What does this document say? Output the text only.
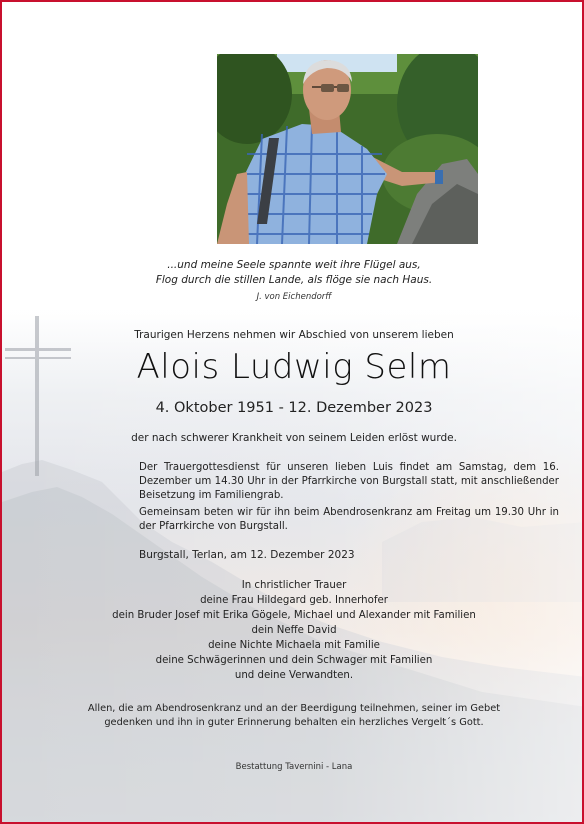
...und meine Seele spannte weit ihre Flügel aus,
Flog durch die stillen Lande, als flöge sie nach Haus.
J. von Eichendorff
Traurigen Herzens nehmen wir Abschied von unserem lieben
Alois Ludwig Selm
4. Oktober 1951 - 12. Dezember 2023
der nach schwerer Krankheit von seinem Leiden erlöst wurde.
Der Trauergottesdienst für unseren lieben Luis findet am Samstag, dem 16. Dezember um 14.30 Uhr in der Pfarrkirche von Burgstall statt, mit anschließender Beisetzung im Familiengrab.
Gemeinsam beten wir für ihn beim Abendrosenkranz am Freitag um 19.30 Uhr in der Pfarrkirche von Burgstall.
Burgstall, Terlan, am 12. Dezember 2023
In christlicher Trauer
deine Frau Hildegard geb. Innerhofer
dein Bruder Josef mit Erika Gögele, Michael und Alexander mit Familien
dein Neffe David
deine Nichte Michaela mit Familie
deine Schwägerinnen und dein Schwager mit Familien
und deine Verwandten.
Allen, die am Abendrosenkranz und an der Beerdigung teilnehmen, seiner im Gebet
gedenken und ihn in guter Erinnerung behalten ein herzliches Vergelt´s Gott.
Bestattung Tavernini - Lana
